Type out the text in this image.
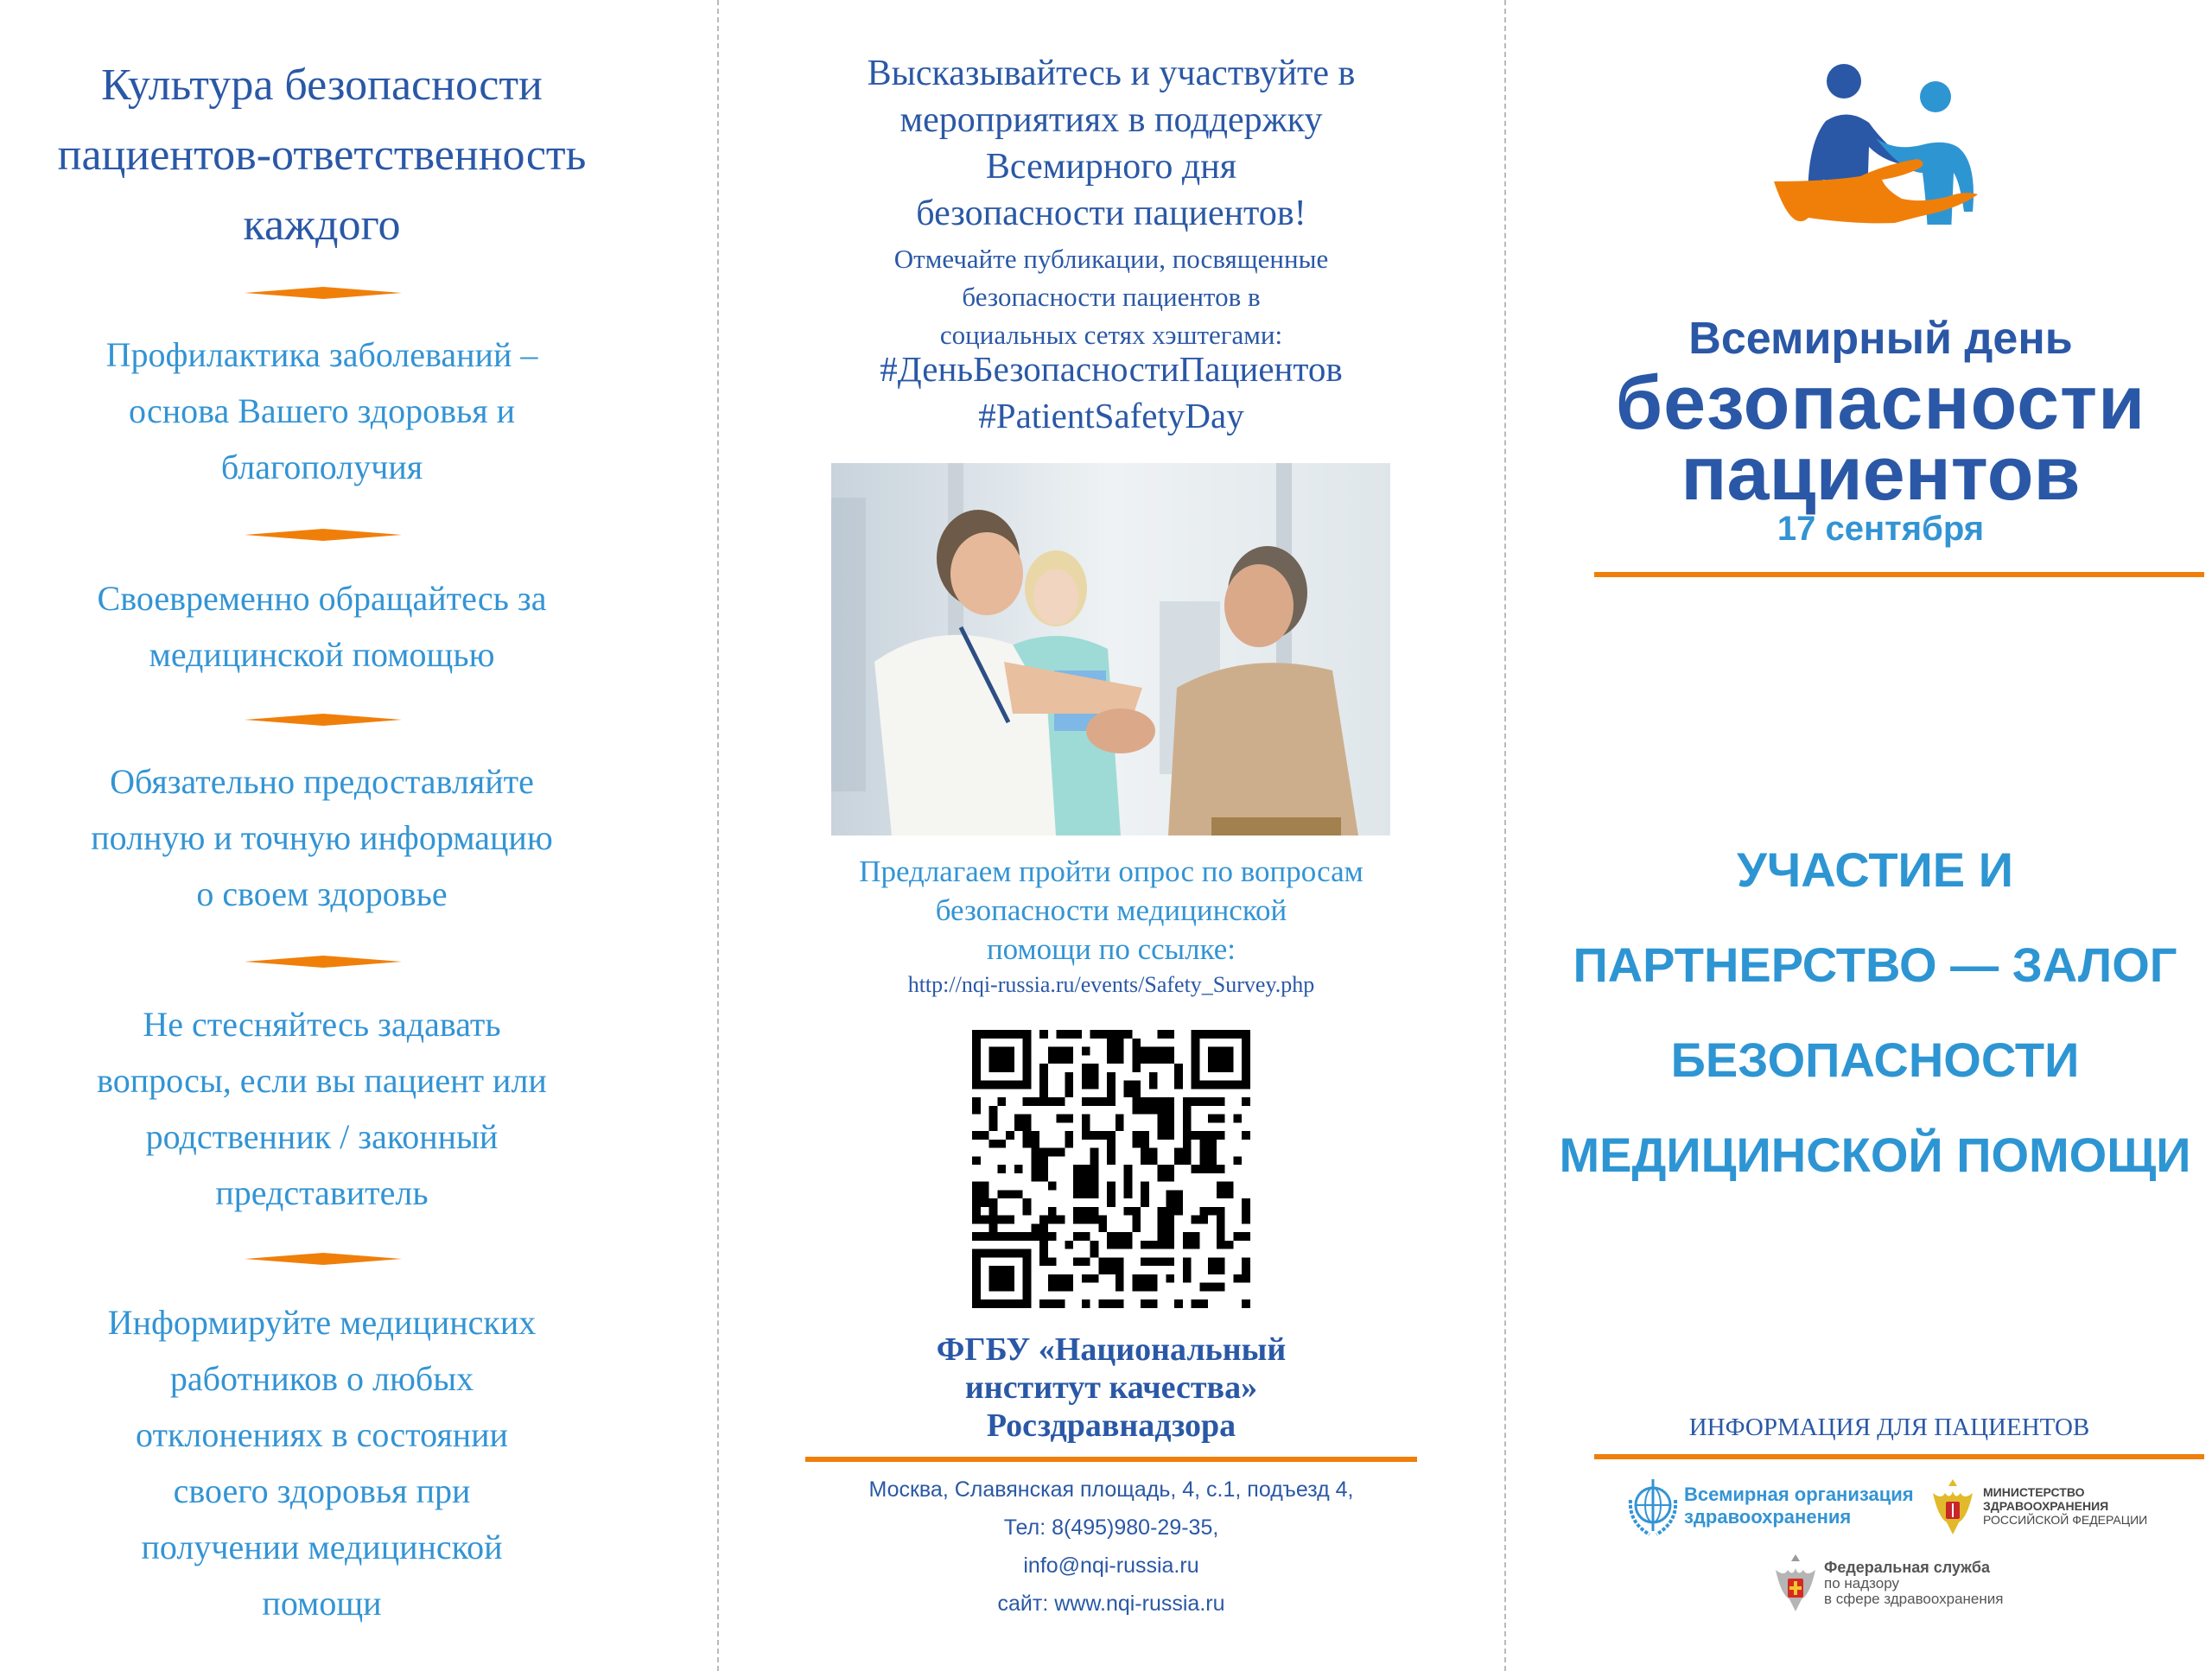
Культура безопасности
пациентов-ответственность
каждого
Профилактика заболеваний –
основа Вашего здоровья и
благополучия
Своевременно обращайтесь за
медицинской помощью
Обязательно предоставляйте
полную и точную информацию
о своем здоровье
Не стесняйтесь задавать
вопросы, если вы пациент или
родственник / законный
представитель
Информируйте медицинских
работников о любых
отклонениях в состоянии
своего здоровья при
получении медицинской
помощи
Высказывайтесь и участвуйте в
мероприятиях в поддержку
Всемирного дня
безопасности пациентов!
Отмечайте публикации, посвященные
безопасности пациентов в
социальных сетях хэштегами:
#ДеньБезопасностиПациентов
#PatientSafetyDay
Предлагаем пройти опрос по вопросам
безопасности медицинской
помощи по ссылке:
http://nqi-russia.ru/events/Safety_Survey.php
ФГБУ «Национальный
институт качества»
Росздравнадзора
Москва, Славянская площадь, 4, с.1, подъезд 4,
Тел: 8(495)980-29-35,
info@nqi-russia.ru
сайт: www.nqi-russia.ru
Всемирный день
безопасности
пациентов
17 сентября
УЧАСТИЕ И
ПАРТНЕРСТВО — ЗАЛОГ
БЕЗОПАСНОСТИ
МЕДИЦИНСКОЙ ПОМОЩИ
ИНФОРМАЦИЯ ДЛЯ ПАЦИЕНТОВ
Всемирная организация
здравоохранения
МИНИСТЕРСТВО
ЗДРАВООХРАНЕНИЯ
РОССИЙСКОЙ ФЕДЕРАЦИИ
Федеральная служба
по надзору
в сфере здравоохранения
